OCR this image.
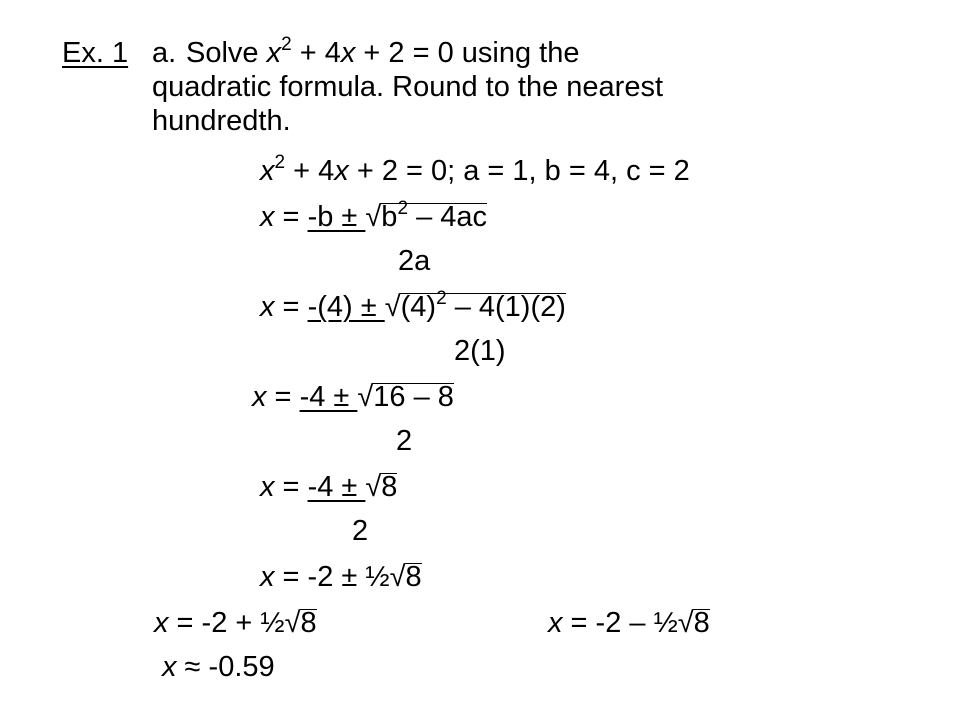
Ex. 1 a. Solve $x^2 + 4x + 2 = 0$ using the
quadratic formula. Round to the nearest
hundredth.
$x^2 + 4x + 2 = 0$; a = 1, b = 4, c = 2
x = -b ±
$√b^2 - 4ac$
2a
x = -(4) ±
$√(4)^2 - 4(1)(2)$
2(1)
x = -4 ±
√16 – 8
2
x = -4 ±
√8
2
x = -2 ± ½
√8
x = -2 + ½
√8	x = -2 – ½
√8
x ≈ -0.59
